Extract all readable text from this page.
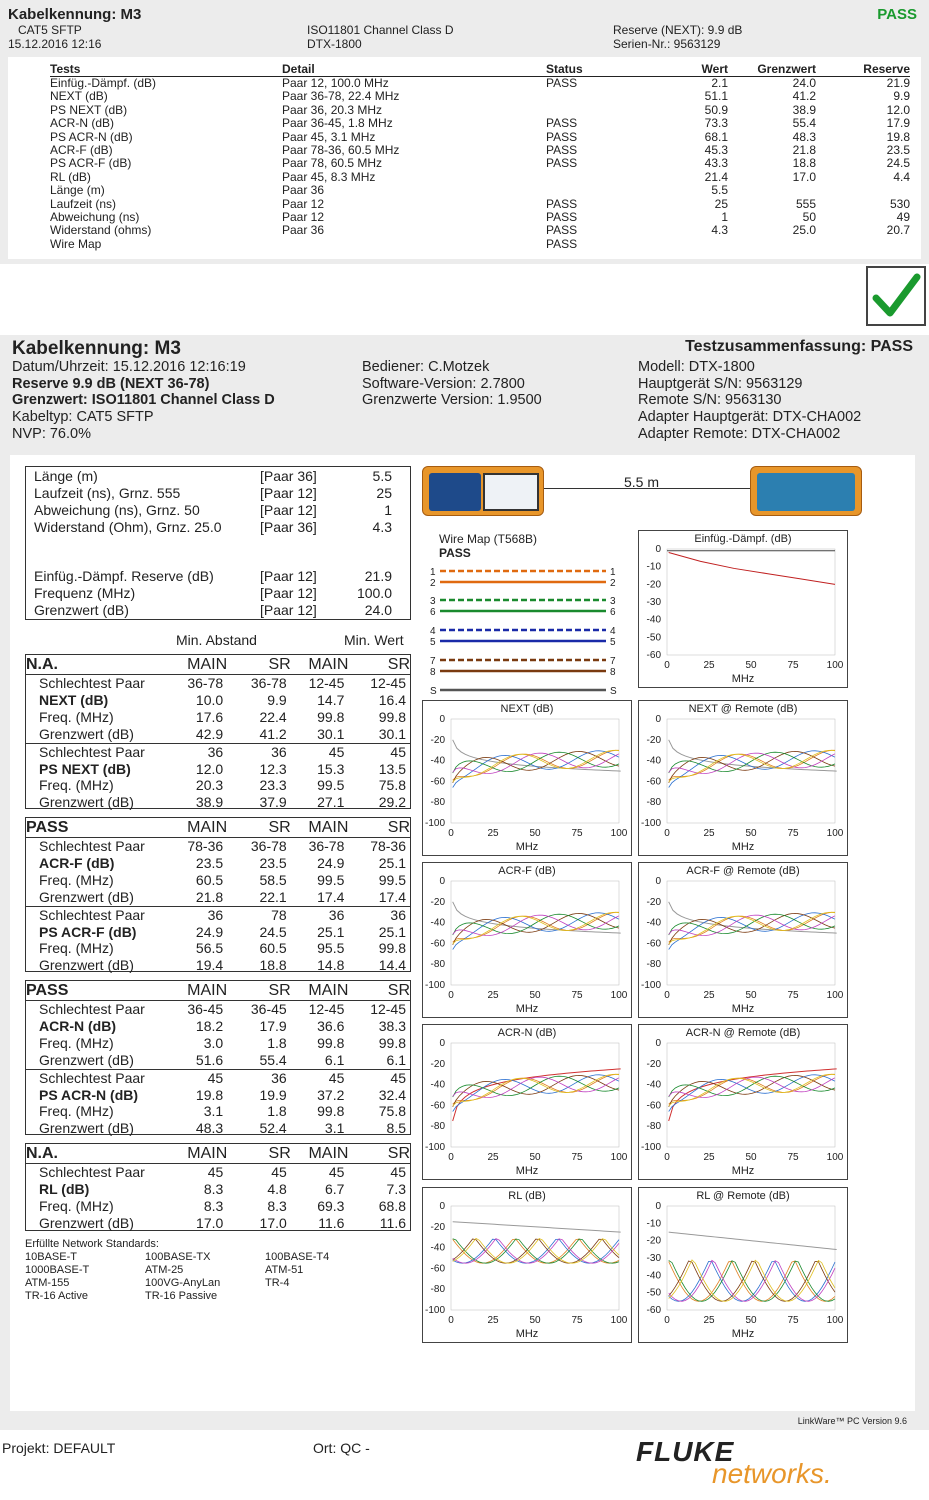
Kabelkennung: M3	PASS
CAT5 SFTP
15.12.2016 12:16
ISO11801 Channel Class D
DTX-1800
Reserve (NEXT): 9.9 dB
Serien-Nr.: 9563129
Tests	Detail	Status	Wert	Grenzwert	Reserve
Einfüg.-Dämpf. (dB)	Paar 12, 100.0 MHz	PASS	2.1	24.0	21.9
NEXT (dB)	Paar 36-78, 22.4 MHz		51.1	41.2	9.9
PS NEXT (dB)	Paar 36, 20.3 MHz		50.9	38.9	12.0
ACR-N (dB)	Paar 36-45, 1.8 MHz	PASS	73.3	55.4	17.9
PS ACR-N (dB)	Paar 45, 3.1 MHz	PASS	68.1	48.3	19.8
ACR-F (dB)	Paar 78-36, 60.5 MHz	PASS	45.3	21.8	23.5
PS ACR-F (dB)	Paar 78, 60.5 MHz	PASS	43.3	18.8	24.5
RL (dB)	Paar 45, 8.3 MHz		21.4	17.0	4.4
Länge (m)	Paar 36		5.5		
Laufzeit (ns)	Paar 12	PASS	25	555	530
Abweichung (ns)	Paar 12	PASS	1	50	49
Widerstand (ohms)	Paar 36	PASS	4.3	25.0	20.7
Wire Map		PASS			
Kabelkennung: M3	Testzusammenfassung: PASS
Datum/Uhrzeit: 15.12.2016 12:16:19
Reserve 9.9 dB (NEXT 36-78)
Grenzwert: ISO11801 Channel Class D
Kabeltyp: CAT5 SFTP
NVP: 76.0%
Bediener: C.Motzek
Software-Version: 2.7800
Grenzwerte Version: 1.9500
Modell: DTX-1800
Hauptgerät S/N: 9563129
Remote S/N: 9563130
Adapter Hauptgerät: DTX-CHA002
Adapter Remote: DTX-CHA002
Länge (m)	[Paar 36]	5.5
Laufzeit (ns), Grnz. 555	[Paar 12]	25
Abweichung (ns), Grnz. 50	[Paar 12]	1
Widerstand (Ohm), Grnz. 25.0	[Paar 36]	4.3
Einfüg.-Dämpf. Reserve (dB)	[Paar 12]	21.9
Frequenz (MHz)	[Paar 12]	100.0
Grenzwert (dB)	[Paar 12]	24.0
Min. Abstand	Min. Wert
N.A.	MAIN	SR	MAIN	SR
Schlechtest Paar	36-78	36-78	12-45	12-45
NEXT (dB)	10.0	9.9	14.7	16.4
Freq. (MHz)	17.6	22.4	99.8	99.8
Grenzwert (dB)	42.9	41.2	30.1	30.1
Schlechtest Paar	36	36	45	45
PS NEXT (dB)	12.0	12.3	15.3	13.5
Freq. (MHz)	20.3	23.3	99.5	75.8
Grenzwert (dB)	38.9	37.9	27.1	29.2
PASS	MAIN	SR	MAIN	SR
Schlechtest Paar	78-36	36-78	36-78	78-36
ACR-F (dB)	23.5	23.5	24.9	25.1
Freq. (MHz)	60.5	58.5	99.5	99.5
Grenzwert (dB)	21.8	22.1	17.4	17.4
Schlechtest Paar	36	78	36	36
PS ACR-F (dB)	24.9	24.5	25.1	25.1
Freq. (MHz)	56.5	60.5	95.5	99.8
Grenzwert (dB)	19.4	18.8	14.8	14.4
PASS	MAIN	SR	MAIN	SR
Schlechtest Paar	36-45	36-45	12-45	12-45
ACR-N (dB)	18.2	17.9	36.6	38.3
Freq. (MHz)	3.0	1.8	99.8	99.8
Grenzwert (dB)	51.6	55.4	6.1	6.1
Schlechtest Paar	45	36	45	45
PS ACR-N (dB)	19.8	19.9	37.2	32.4
Freq. (MHz)	3.1	1.8	99.8	75.8
Grenzwert (dB)	48.3	52.4	3.1	8.5
N.A.	MAIN	SR	MAIN	SR
Schlechtest Paar	45	45	45	45
RL (dB)	8.3	4.8	6.7	7.3
Freq. (MHz)	8.3	8.3	69.3	68.8
Grenzwert (dB)	17.0	17.0	11.6	11.6
Erfüllte Network Standards:
10BASE-T	100BASE-TX	100BASE-T4
1000BASE-T	ATM-25	ATM-51
ATM-155	100VG-AnyLan	TR-4
TR-16 Active	TR-16 Passive	
5.5 m
Wire Map (T568B)
PASS
1	1
2	2
3	3
6	6
4	4
5	5
7	7
8	8
S	S
0
-10
-20
-30
-40
-50
-60
0	25	50	75	100
Einfüg.-Dämpf. (dB)
MHz
0
-20
-40
-60
-80
-100
0	25	50	75	100
NEXT (dB)
MHz
0
-20
-40
-60
-80
-100
0	25	50	75	100
NEXT @ Remote (dB)
MHz
0
-20
-40
-60
-80
-100
0	25	50	75	100
ACR-F (dB)
MHz
0
-20
-40
-60
-80
-100
0	25	50	75	100
ACR-F @ Remote (dB)
MHz
0
-20
-40
-60
-80
-100
0	25	50	75	100
ACR-N (dB)
MHz
0
-20
-40
-60
-80
-100
0	25	50	75	100
ACR-N @ Remote (dB)
MHz
0
-20
-40
-60
-80
-100
0	25	50	75	100
RL (dB)
MHz
0
-10
-20
-30
-40
-50
-60
0	25	50	75	100
RL @ Remote (dB)
MHz
LinkWare™ PC Version 9.6
Projekt: DEFAULT	Ort: QC -	FLUKE
networks.
